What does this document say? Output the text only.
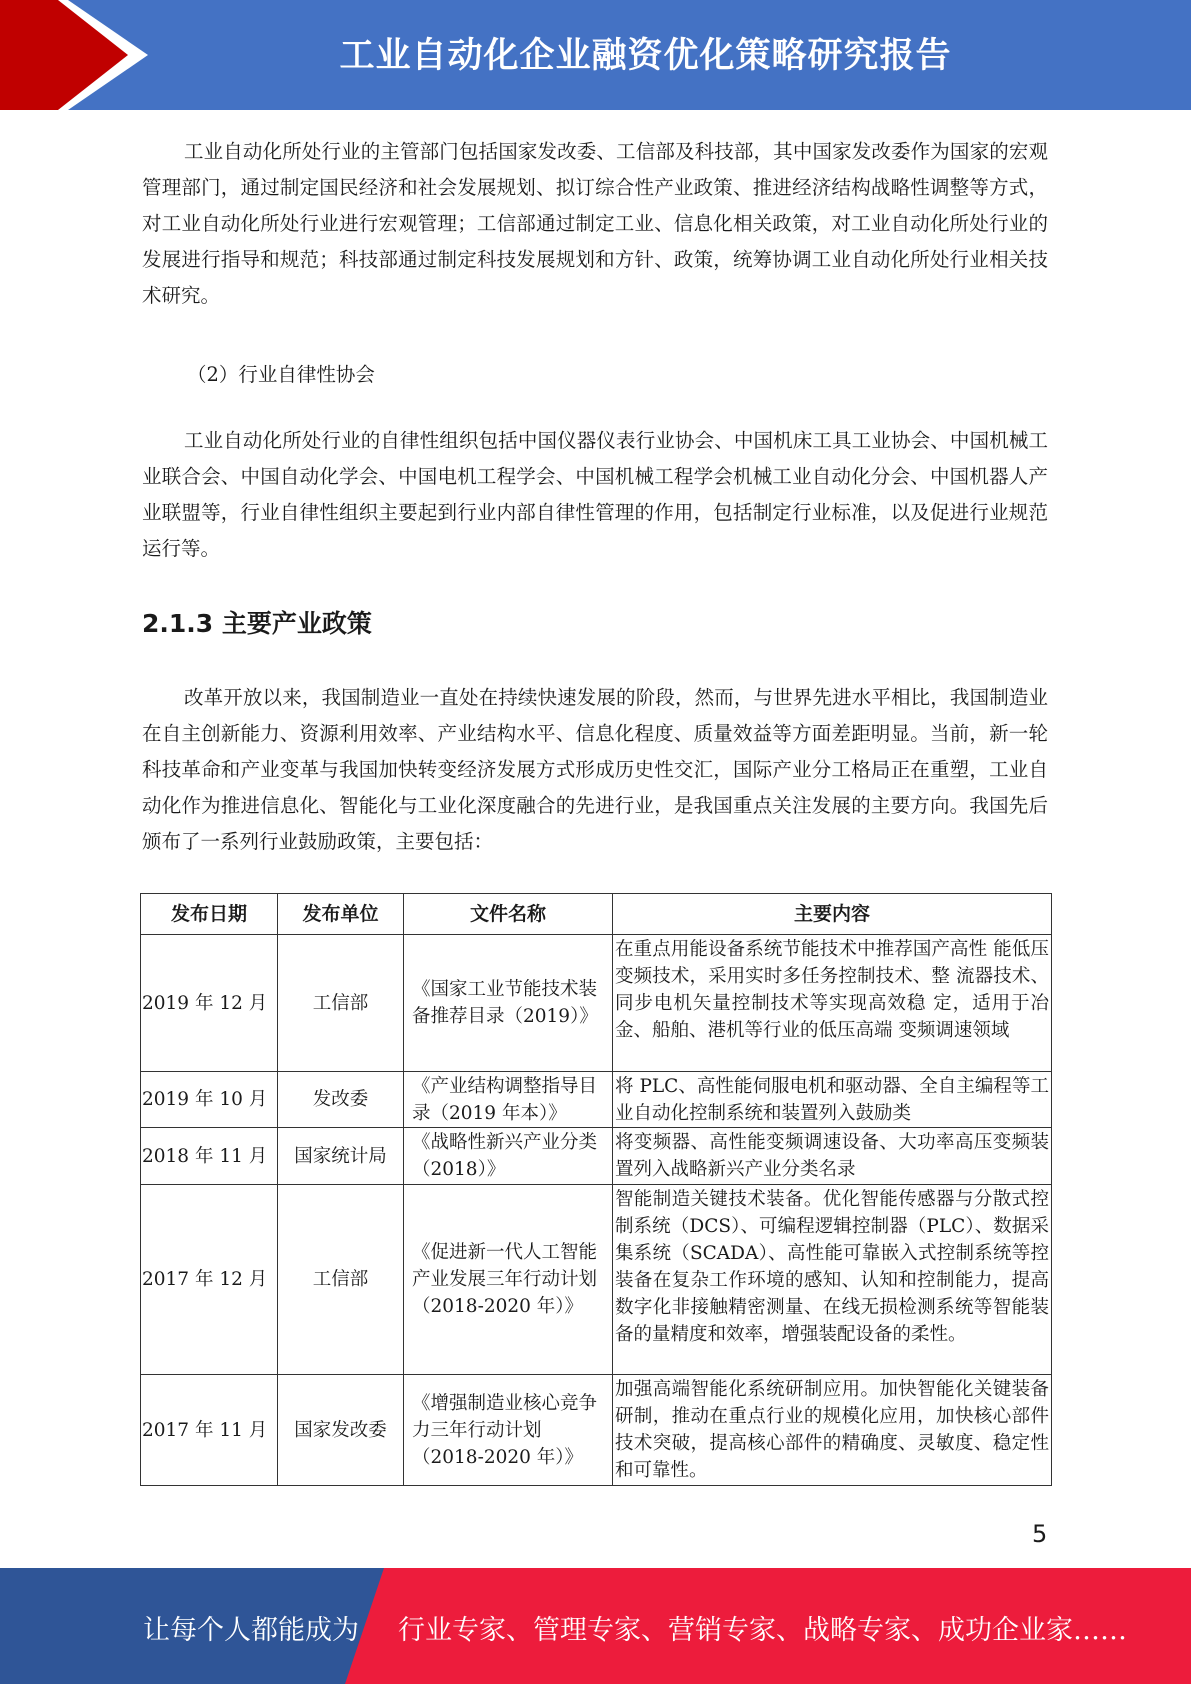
工业自动化企业融资优化策略研究报告

工业自动化所处行业的主管部门包括国家发改委、工信部及科技部，其中国家发改委作为国家的宏观管理部门，通过制定国民经济和社会发展规划、拟订综合性产业政策、推进经济结构战略性调整等方式，对工业自动化所处行业进行宏观管理；工信部通过制定工业、信息化相关政策，对工业自动化所处行业的发展进行指导和规范；科技部通过制定科技发展规划和方针、政策，统筹协调工业自动化所处行业相关技术研究。

（2）行业自律性协会

工业自动化所处行业的自律性组织包括中国仪器仪表行业协会、中国机床工具工业协会、中国机械工业联合会、中国自动化学会、中国电机工程学会、中国机械工程学会机械工业自动化分会、中国机器人产业联盟等，行业自律性组织主要起到行业内部自律性管理的作用，包括制定行业标准，以及促进行业规范运行等。

2.1.3 主要产业政策

改革开放以来，我国制造业一直处在持续快速发展的阶段，然而，与世界先进水平相比，我国制造业在自主创新能力、资源利用效率、产业结构水平、信息化程度、质量效益等方面差距明显。当前，新一轮科技革命和产业变革与我国加快转变经济发展方式形成历史性交汇，国际产业分工格局正在重塑，工业自动化作为推进信息化、智能化与工业化深度融合的先进行业，是我国重点关注发展的主要方向。我国先后颁布了一系列行业鼓励政策，主要包括：

发布日期	发布单位	文件名称	主要内容
2019 年 12 月	工信部	《国家工业节能技术装备推荐目录（2019）》	在重点用能设备系统节能技术中推荐国产高性 能低压变频技术，采用实时多任务控制技术、整 流器技术、同步电机矢量控制技术等实现高效稳 定，适用于冶金、船舶、港机等行业的低压高端 变频调速领域
2019 年 10 月	发改委	《产业结构调整指导目录（2019 年本）》	将 PLC、高性能伺服电机和驱动器、全自主编程等工业自动化控制系统和装置列入鼓励类
2018 年 11 月	国家统计局	《战略性新兴产业分类（2018）》	将变频器、高性能变频调速设备、大功率高压变频装置列入战略新兴产业分类名录
2017 年 12 月	工信部	《促进新一代人工智能产业发展三年行动计划（2018-2020 年）》	智能制造关键技术装备。优化智能传感器与分散式控制系统（DCS）、可编程逻辑控制器（PLC）、数据采集系统（SCADA）、高性能可靠嵌入式控制系统等控装备在复杂工作环境的感知、认知和控制能力，提高数字化非接触精密测量、在线无损检测系统等智能装备的量精度和效率，增强装配设备的柔性。
2017 年 11 月	国家发改委	《增强制造业核心竞争力三年行动计划（2018-2020 年）》	加强高端智能化系统研制应用。加快智能化关键装备研制，推动在重点行业的规模化应用，加快核心部件技术突破，提高核心部件的精确度、灵敏度、稳定性和可靠性。
5
让每个人都能成为 行业专家、管理专家、营销专家、战略专家、成功企业家……
